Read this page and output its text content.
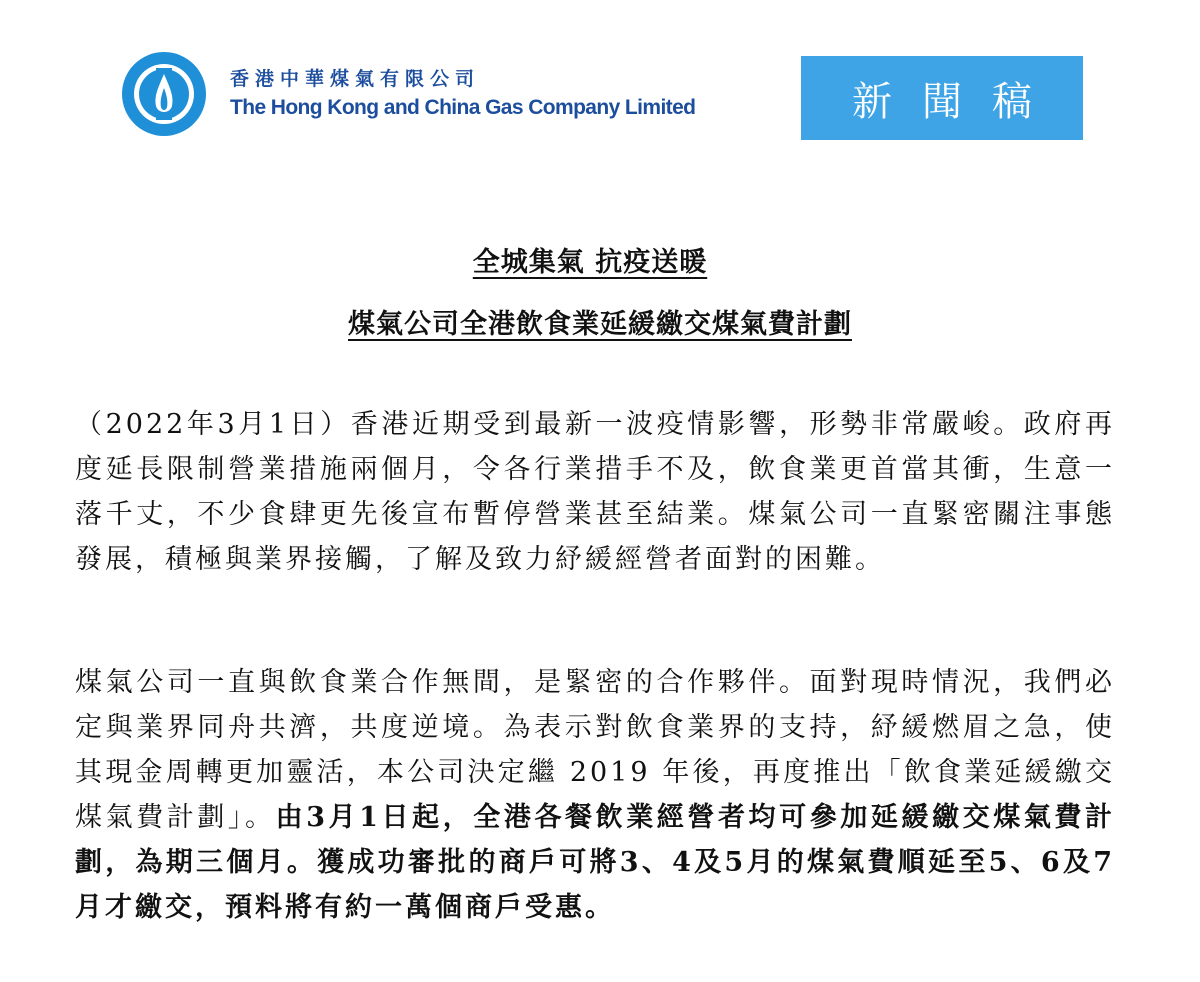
香港中華煤氣有限公司
The Hong Kong and China Gas Company Limited	新聞稿
全城集氣 抗疫送暖
煤氣公司全港飲食業延緩繳交煤氣費計劃

（2022年3月1日）香港近期受到最新一波疫情影響，形勢非常嚴峻。政府再度延長限制營業措施兩個月，令各行業措手不及，飲食業更首當其衝，生意一落千丈，不少食肆更先後宣布暫停營業甚至結業。煤氣公司一直緊密關注事態發展，積極與業界接觸，了解及致力紓緩經營者面對的困難。

煤氣公司一直與飲食業合作無間，是緊密的合作夥伴。面對現時情況，我們必定與業界同舟共濟，共度逆境。為表示對飲食業界的支持，紓緩燃眉之急，使其現金周轉更加靈活，本公司決定繼 2019 年後，再度推出「飲食業延緩繳交煤氣費計劃」。由3月1日起，全港各餐飲業經營者均可參加延緩繳交煤氣費計劃，為期三個月。獲成功審批的商戶可將3、4及5月的煤氣費順延至5、6及7月才繳交，預料將有約一萬個商戶受惠。
